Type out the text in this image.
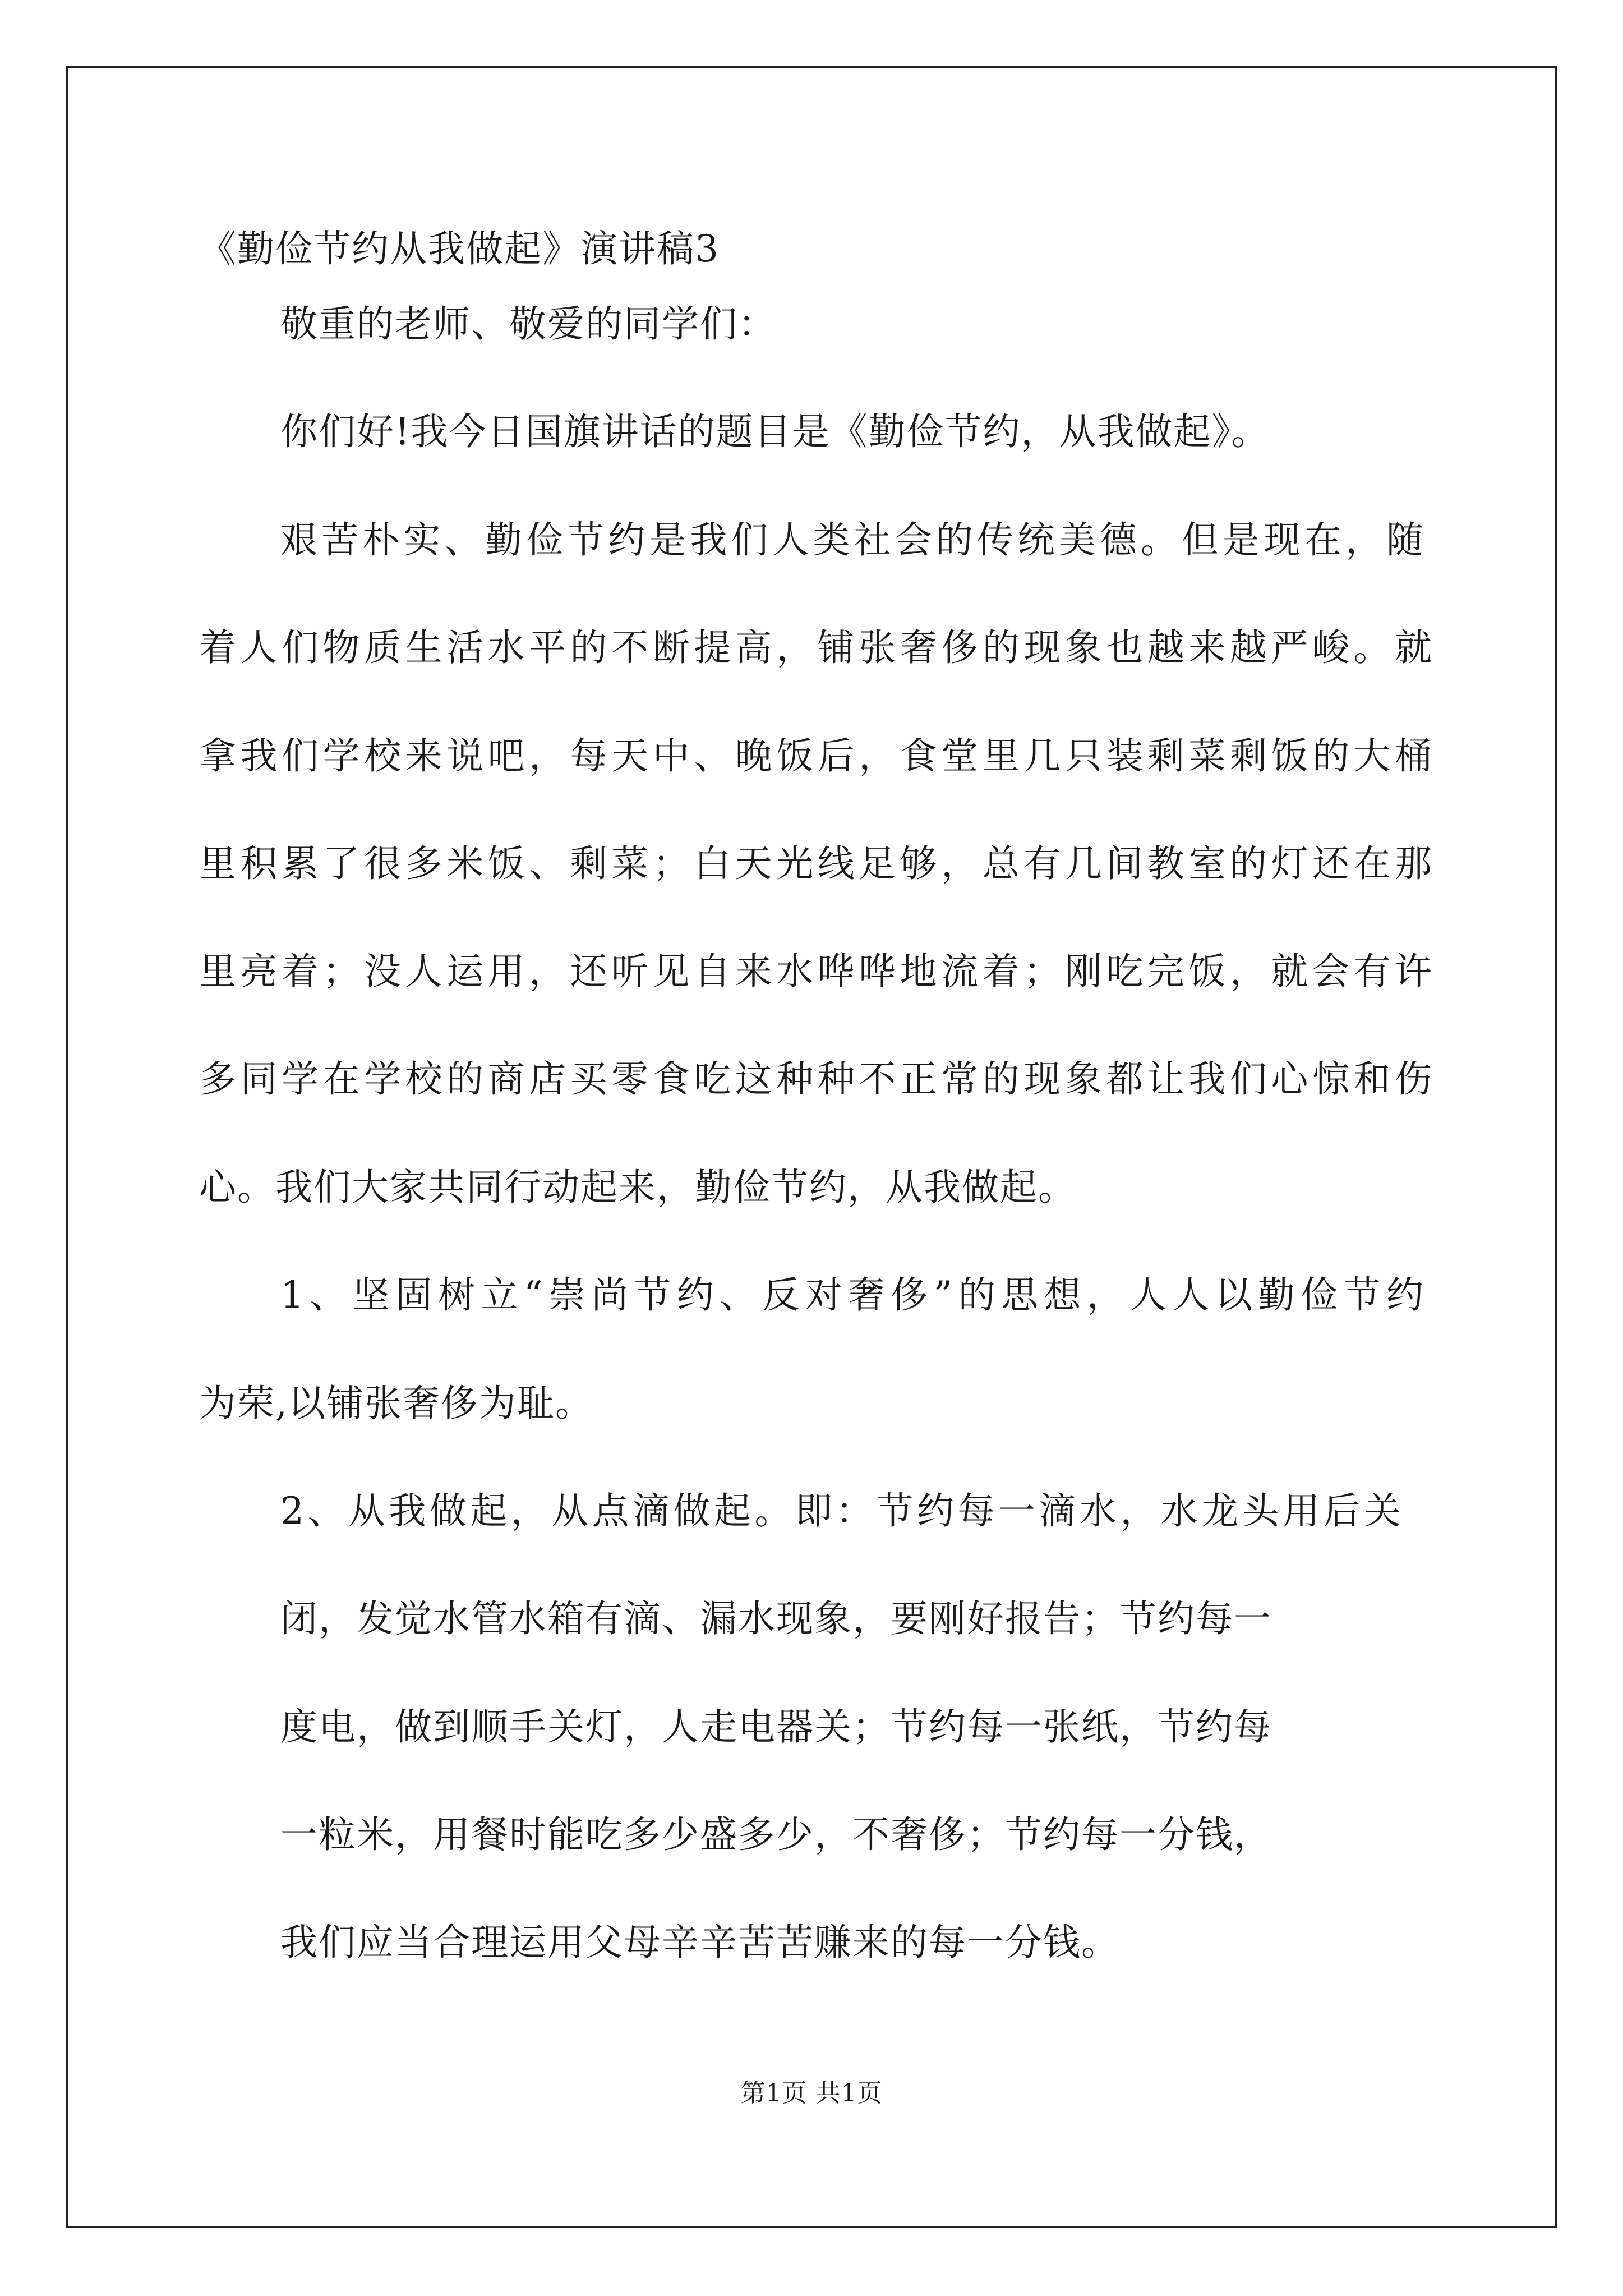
《勤俭节约从我做起》演讲稿3
敬重的老师、敬爱的同学们：
你们好!我今日国旗讲话的题目是《勤俭节约，从我做起》。
艰苦朴实、勤俭节约是我们人类社会的传统美德。但是现在，随
着人们物质生活水平的不断提高，铺张奢侈的现象也越来越严峻。就
拿我们学校来说吧，每天中、晚饭后，食堂里几只装剩菜剩饭的大桶
里积累了很多米饭、剩菜；白天光线足够，总有几间教室的灯还在那
里亮着；没人运用，还听见自来水哗哗地流着；刚吃完饭，就会有许
多同学在学校的商店买零食吃这种种不正常的现象都让我们心惊和伤
心。我们大家共同行动起来，勤俭节约，从我做起。
1、坚固树立“崇尚节约、反对奢侈”的思想，人人以勤俭节约
为荣,以铺张奢侈为耻。
2、从我做起，从点滴做起。即：节约每一滴水，水龙头用后关
闭，发觉水管水箱有滴、漏水现象，要刚好报告；节约每一
度电，做到顺手关灯，人走电器关；节约每一张纸，节约每
一粒米，用餐时能吃多少盛多少，不奢侈；节约每一分钱，
我们应当合理运用父母辛辛苦苦赚来的每一分钱。
第1页 共1页
